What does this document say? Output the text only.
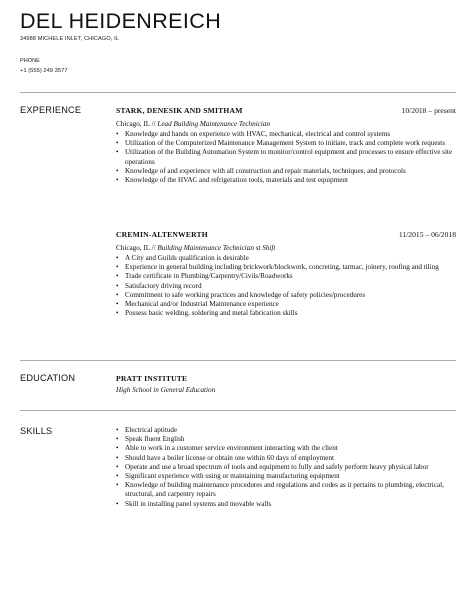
DEL HEIDENREICH
34988 MICHELE INLET, CHICAGO, IL
PHONE
+1 (555) 249 3577
EXPERIENCE	STARK, DENESIK AND SMITHAM	10/2018 – present
Chicago, IL // Lead Building Maintenance Technician
• Knowledge and hands on experience with HVAC, mechanical, electrical and control systems
• Utilization of the Computerized Maintenance Management System to initiate, track and complete work requests
• Utilization of the Building Automation System to monitor/control equipment and processes to ensure effective site operations
• Knowledge of and experience with all construction and repair materials, techniques, and protocols
• Knowledge of the HVAC and refrigeration tools, materials and test equipment
CREMIN-ALTENWERTH	11/2015 – 06/2018
Chicago, IL // Building Maintenance Technician st Shift
• A City and Guilds qualification is desirable
• Experience in general building including brickwork/blockwork, concreting, tarmac, joinery, roofing and tiling
• Trade certificate in Plumbing/Carpentry/Civils/Roadworks
• Satisfactory driving record
• Commitment to safe working practices and knowledge of safety policies/procedures
• Mechanical and/or Industrial Maintenance experience
• Possess basic welding, soldering and metal fabrication skills
EDUCATION	PRATT INSTITUTE
High School in General Education
SKILLS	• Electrical aptitude
• Speak fluent English
• Able to work in a customer service environment interacting with the client
• Should have a boiler license or obtain one within 60 days of employment
• Operate and use a broad spectrum of tools and equipment to fully and safely perform heavy physical labor
• Significant experience with using or maintaining manufacturing equipment
• Knowledge of building maintenance procedures and regulations and codes as it pertains to plumbing, electrical, structural, and carpentry repairs
• Skill in installing panel systems and movable walls
